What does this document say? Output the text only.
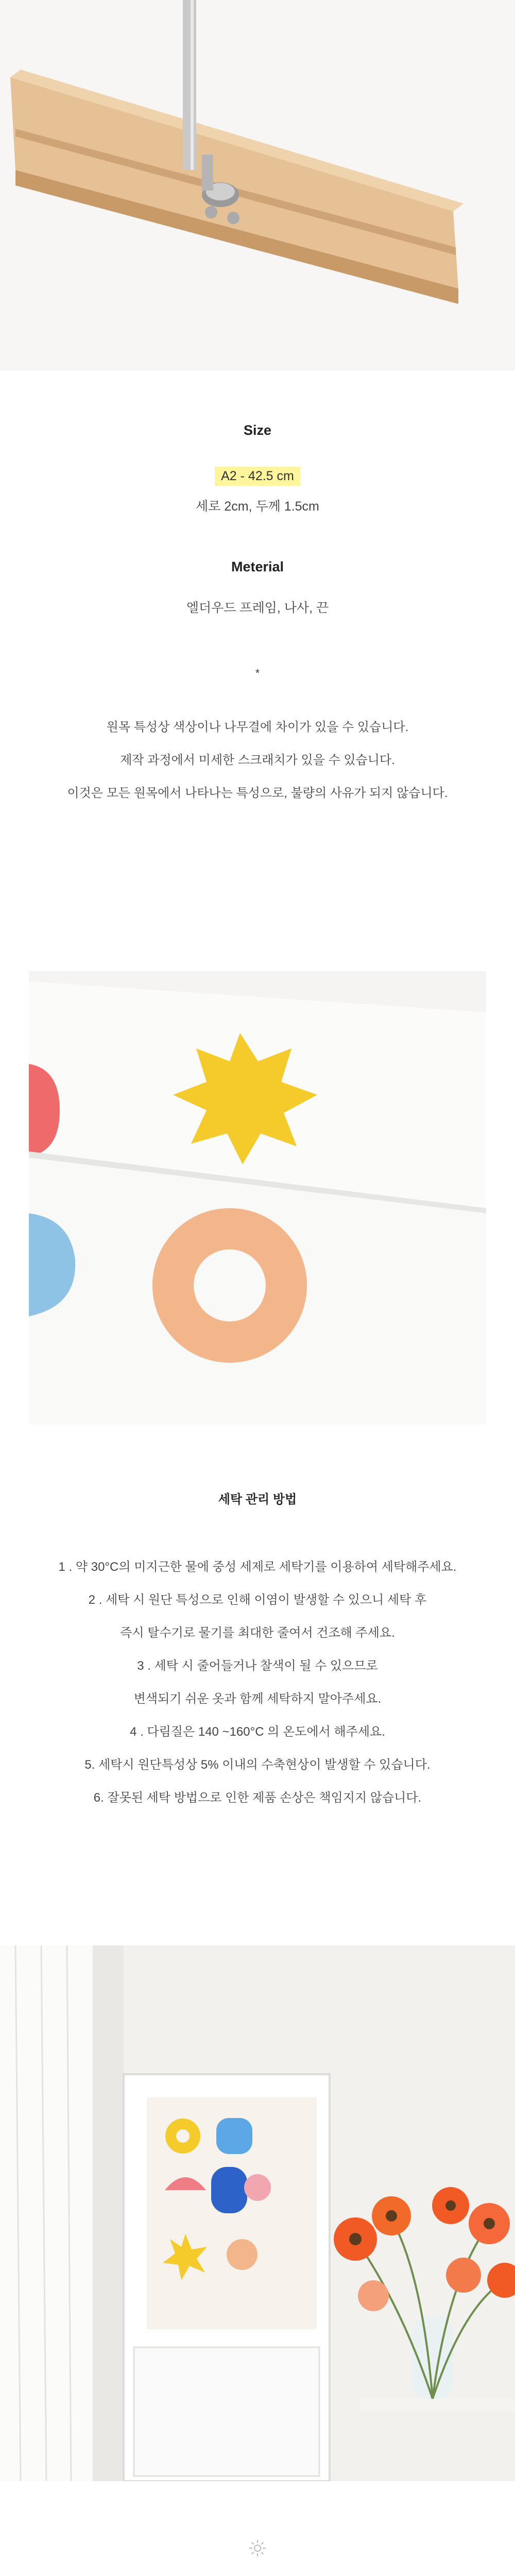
Size
A2 - 42.5 cm
세로 2cm, 두께 1.5cm
Meterial
엘더우드 프레임, 나사, 끈
*
원목 특성상 색상이나 나무결에 차이가 있을 수 있습니다.
제작 과정에서 미세한 스크래치가 있을 수 있습니다.
이것은 모든 원목에서 나타나는 특성으로, 불량의 사유가 되지 않습니다.
세탁 관리 방법
1 . 약 30°C의 미지근한 물에 중성 세제로 세탁기를 이용하여 세탁해주세요.
2 . 세탁 시 원단 특성으로 인해 이염이 발생할 수 있으니 세탁 후
즉시 탈수기로 물기를 최대한 줄여서 건조해 주세요.
3 . 세탁 시 줄어들거나 찰색이 될 수 있으므로
변색되기 쉬운 옷과 함께 세탁하지 말아주세요.
4 . 다림질은 140 ~160°C 의 온도에서 해주세요.
5. 세탁시 원단특성상 5% 이내의 수축현상이 발생할 수 있습니다.
6. 잘못된 세탁 방법으로 인한 제품 손상은 책임지지 않습니다.
